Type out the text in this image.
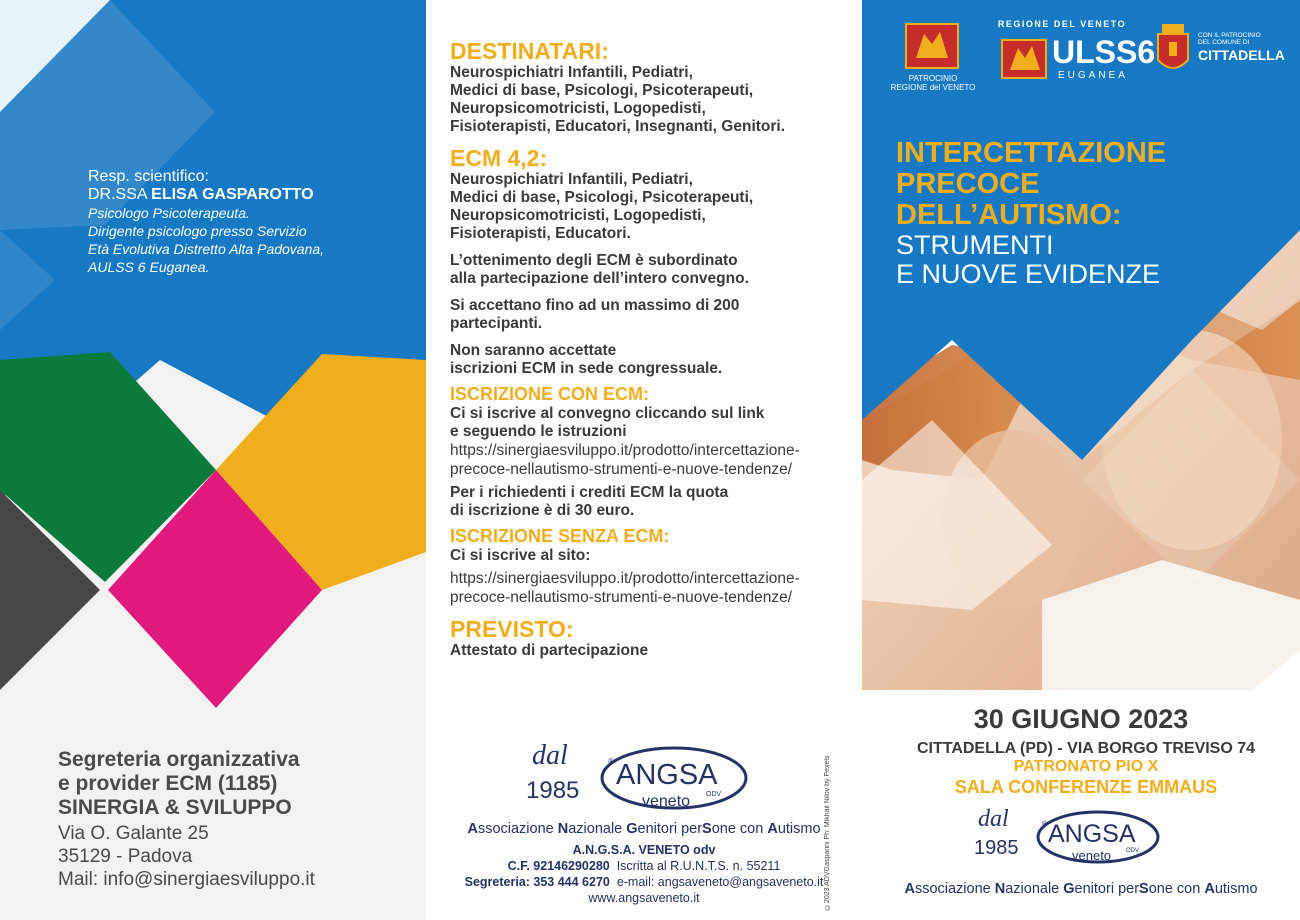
Resp. scientifico:
DR.SSA ELISA GASPAROTTO
Psicologo Psicoterapeuta.
Dirigente psicologo presso Servizio
Età Evolutiva Distretto Alta Padovana,
AULSS 6 Euganea.
Segreteria organizzativa
e provider ECM (1185)
SINERGIA & SVILUPPO
Via O. Galante 25
35129 - Padova
Mail: info@sinergiaesviluppo.it
DESTINATARI:
Neurospichiatri Infantili, Pediatri,
Medici di base, Psicologi, Psicoterapeuti,
Neuropsicomotricisti, Logopedisti,
Fisioterapisti, Educatori, Insegnanti, Genitori.
ECM 4,2:
Neurospichiatri Infantili, Pediatri,
Medici di base, Psicologi, Psicoterapeuti,
Neuropsicomotricisti, Logopedisti,
Fisioterapisti, Educatori.
L’ottenimento degli ECM è subordinato
alla partecipazione dell’intero convegno.
Si accettano fino ad un massimo di 200
partecipanti.
Non saranno accettate
iscrizioni ECM in sede congressuale.
ISCRIZIONE CON ECM:
Ci si iscrive al convegno cliccando sul link
e seguendo le istruzioni
https://sinergiaesviluppo.it/prodotto/intercettazione-
precoce-nellautismo-strumenti-e-nuove-tendenze/
Per i richiedenti i crediti ECM la quota
di iscrizione è di 30 euro.
ISCRIZIONE SENZA ECM:
Ci si iscrive al sito:
https://sinergiaesviluppo.it/prodotto/intercettazione-
precoce-nellautismo-strumenti-e-nuove-tendenze/
PREVISTO:
Attestato di partecipazione
©2023 ADVGasparini Ph: Mikhail Nilov by Pexels
dal
1985 ANGSA
veneto ODV
®
Associazione Nazionale Genitori perSone con Autismo
A.N.G.S.A. VENETO odv
C.F. 92146290280 Iscritta al R.U.N.T.S. n. 55211
Segreteria: 353 444 6270 e-mail: angsaveneto@angsaveneto.it
www.angsaveneto.it
PATROCINIO
REGIONE del VENETO
REGIONE DEL VENETO
ULSS6
EUGANEA
CON IL PATROCINIO
DEL COMUNE DI
CITTADELLA
INTERCETTAZIONE
PRECOCE
DELL’AUTISMO:
STRUMENTI
E NUOVE EVIDENZE
30 GIUGNO 2023
CITTADELLA (PD) - VIA BORGO TREVISO 74
PATRONATO PIO X
SALA CONFERENZE EMMAUS
dal
1985 ANGSA
veneto ODV
®
Associazione Nazionale Genitori perSone con Autismo
